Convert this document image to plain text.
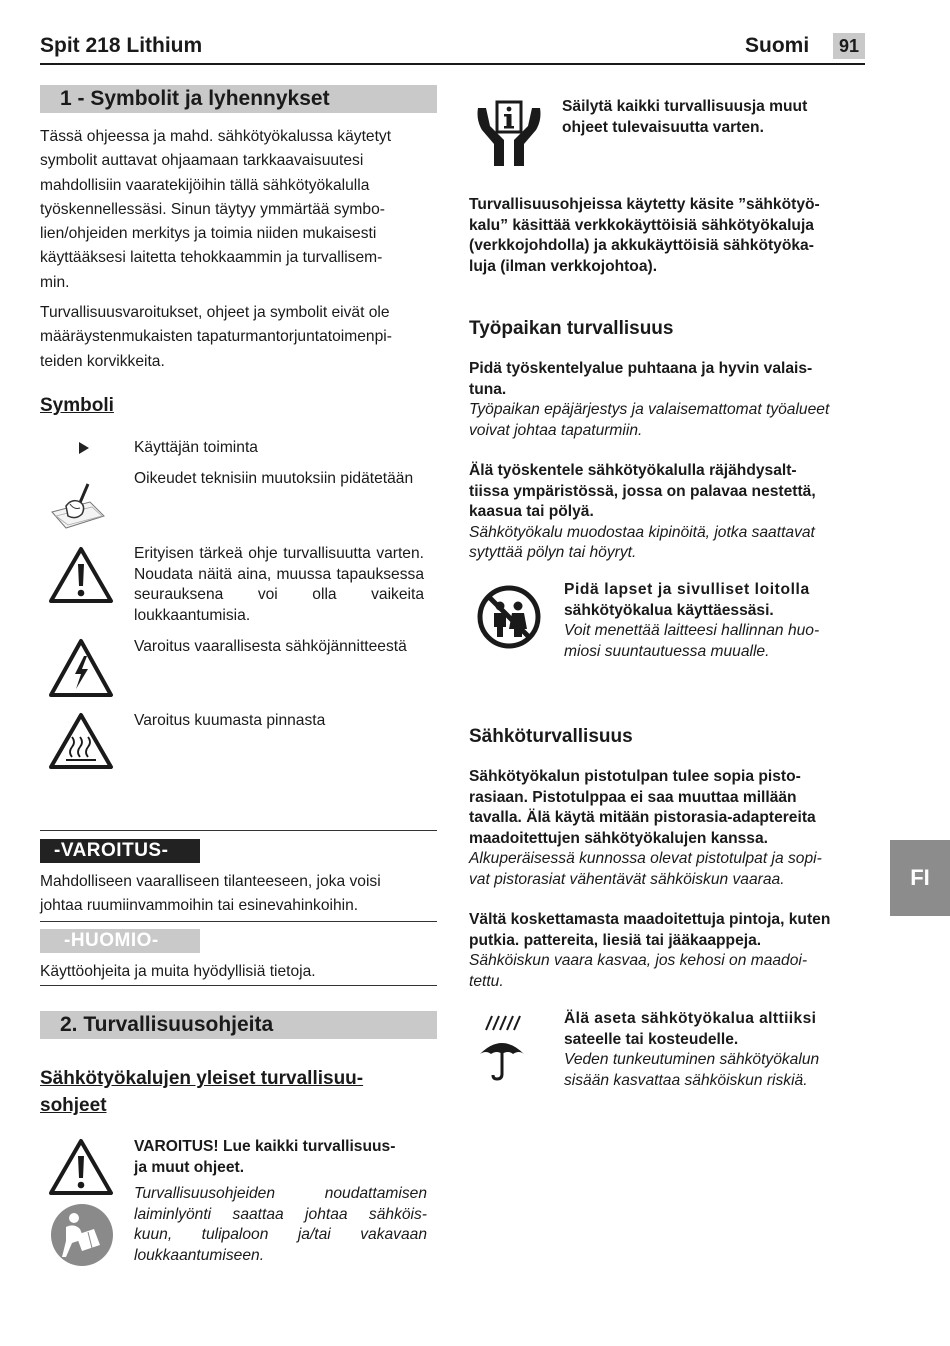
Spit 218 Lithium	Suomi	91
FI
1 - Symbolit ja lyhennykset
Tässä ohjeessa ja mahd. sähkötyökalussa käytetyt
symbolit auttavat ohjaamaan tarkkaavaisuutesi
mahdollisiin vaaratekijöihin tällä sähkötyökalulla
työskennellessäsi. Sinun täytyy ymmärtää symbo-
lien/ohjeiden merkitys ja toimia niiden mukaisesti
käyttääksesi laitetta tehokkaammin ja turvallisem-
min.
Turvallisuusvaroitukset, ohjeet ja symbolit eivät ole
määräystenmukaisten tapaturmantorjuntatoimenpi-
teiden korvikkeita.
Symboli
Käyttäjän toiminta
Oikeudet teknisiin muutoksiin pidätetään
Erityisen tärkeä ohje turvallisuutta varten. Noudata näitä aina, muussa tapauksessa seurauksena voi olla vaikeita loukkaantumisia.
Varoitus vaarallisesta sähköjännitteestä
Varoitus kuumasta pinnasta
-VAROITUS-
Mahdolliseen vaaralliseen tilanteeseen, joka voisi
johtaa ruumiinvammoihin tai esinevahinkoihin.
-HUOMIO-
Käyttöohjeita ja muita hyödyllisiä tietoja.
2. Turvallisuusohjeita
Sähkötyökalujen yleiset turvallisuu-
sohjeet
VAROITUS! Lue kaikki turvallisuus-
ja muut ohjeet.
Turvallisuusohjeiden noudattamisen
laiminlyönti saattaa johtaa sähköis-
kuun, tulipaloon ja/tai vakavaan
loukkaantumiseen.
Säilytä kaikki turvallisuusja muut
ohjeet tulevaisuutta varten.
Turvallisuusohjeissa käytetty käsite ”sähkötyö-
kalu” käsittää verkkokäyttöisiä sähkötyökaluja
(verkkojohdolla) ja akkukäyttöisiä sähkötyöka-
luja (ilman verkkojohtoa).
Työpaikan turvallisuus
Pidä työskentelyalue puhtaana ja hyvin valais-
tuna.
Työpaikan epäjärjestys ja valaisemattomat työalueet
voivat johtaa tapaturmiin.
Älä työskentele sähkötyökalulla räjähdysalt-
tiissa ympäristössä, jossa on palavaa nestettä,
kaasua tai pölyä.
Sähkötyökalu muodostaa kipinöitä, jotka saattavat
sytyttää pölyn tai höyryt.
Pidä lapset ja sivulliset loitolla
sähkötyökalua käyttäessäsi.
Voit menettää laitteesi hallinnan huo-
miosi suuntautuessa muualle.
Sähköturvallisuus
Sähkötyökalun pistotulpan tulee sopia pisto-
rasiaan. Pistotulppaa ei saa muuttaa millään
tavalla. Älä käytä mitään pistorasia-adaptereita
maadoitettujen sähkötyökalujen kanssa.
Alkuperäisessä kunnossa olevat pistotulpat ja sopi-
vat pistorasiat vähentävät sähköiskun vaaraa.
Vältä koskettamasta maadoitettuja pintoja, kuten
putkia. pattereita, liesiä tai jääkaappeja.
Sähköiskun vaara kasvaa, jos kehosi on maadoi-
tettu.
Älä aseta sähkötyökalua alttiiksi
sateelle tai kosteudelle.
Veden tunkeutuminen sähkötyökalun
sisään kasvattaa sähköiskun riskiä.
